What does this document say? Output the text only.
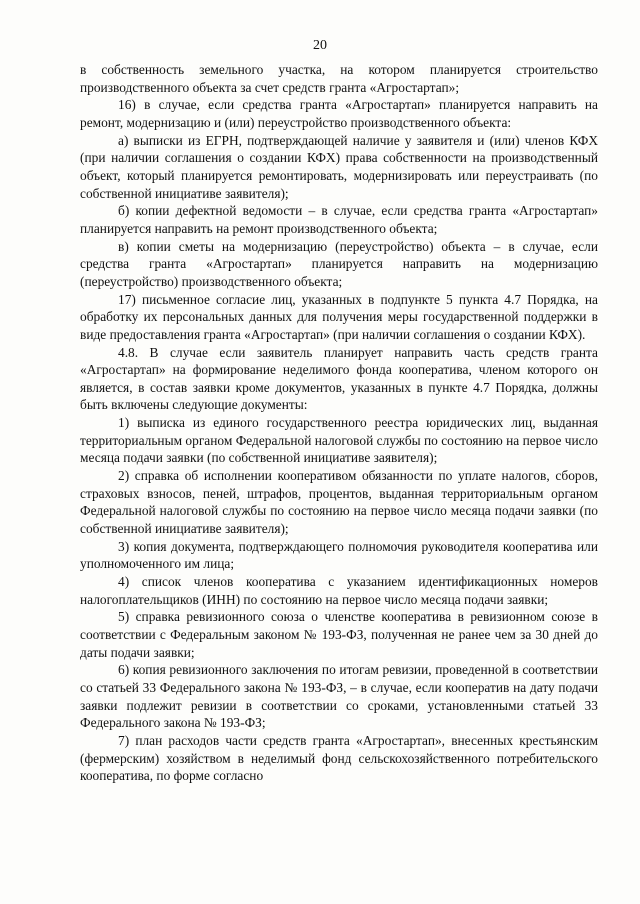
20

в собственность земельного участка, на котором планируется строительство производственного объекта за счет средств гранта «Агростартап»;

16) в случае, если средства гранта «Агростартап» планируется направить на ремонт, модернизацию и (или) переустройство производственного объекта:

а) выписки из ЕГРН, подтверждающей наличие у заявителя и (или) членов КФХ (при наличии соглашения о создании КФХ) права собственности на производственный объект, который планируется ремонтировать, модернизировать или переустраивать (по собственной инициативе заявителя);

б) копии дефектной ведомости – в случае, если средства гранта «Агростартап» планируется направить на ремонт производственного объекта;

в) копии сметы на модернизацию (переустройство) объекта – в случае, если средства гранта «Агростартап» планируется направить на модернизацию (переустройство) производственного объекта;

17) письменное согласие лиц, указанных в подпункте 5 пункта 4.7 Порядка, на обработку их персональных данных для получения меры государственной поддержки в виде предоставления гранта «Агростартап» (при наличии соглашения о создании КФХ).

4.8. В случае если заявитель планирует направить часть средств гранта «Агростартап» на формирование неделимого фонда кооператива, членом которого он является, в состав заявки кроме документов, указанных в пункте 4.7 Порядка, должны быть включены следующие документы:

1) выписка из единого государственного реестра юридических лиц, выданная территориальным органом Федеральной налоговой службы по состоянию на первое число месяца подачи заявки (по собственной инициативе заявителя);

2) справка об исполнении кооперативом обязанности по уплате налогов, сборов, страховых взносов, пеней, штрафов, процентов, выданная территориальным органом Федеральной налоговой службы по состоянию на первое число месяца подачи заявки (по собственной инициативе заявителя);

3) копия документа, подтверждающего полномочия руководителя кооператива или уполномоченного им лица;

4) список членов кооператива с указанием идентификационных номеров налогоплательщиков (ИНН) по состоянию на первое число месяца подачи заявки;

5) справка ревизионного союза о членстве кооператива в ревизионном союзе в соответствии с Федеральным законом № 193-ФЗ, полученная не ранее чем за 30 дней до даты подачи заявки;

6) копия ревизионного заключения по итогам ревизии, проведенной в соответствии со статьей 33 Федерального закона № 193-ФЗ, – в случае, если кооператив на дату подачи заявки подлежит ревизии в соответствии со сроками, установленными статьей 33 Федерального закона № 193-ФЗ;

7) план расходов части средств гранта «Агростартап», внесенных крестьянским (фермерским) хозяйством в неделимый фонд сельскохозяйственного потребительского кооператива, по форме согласно
